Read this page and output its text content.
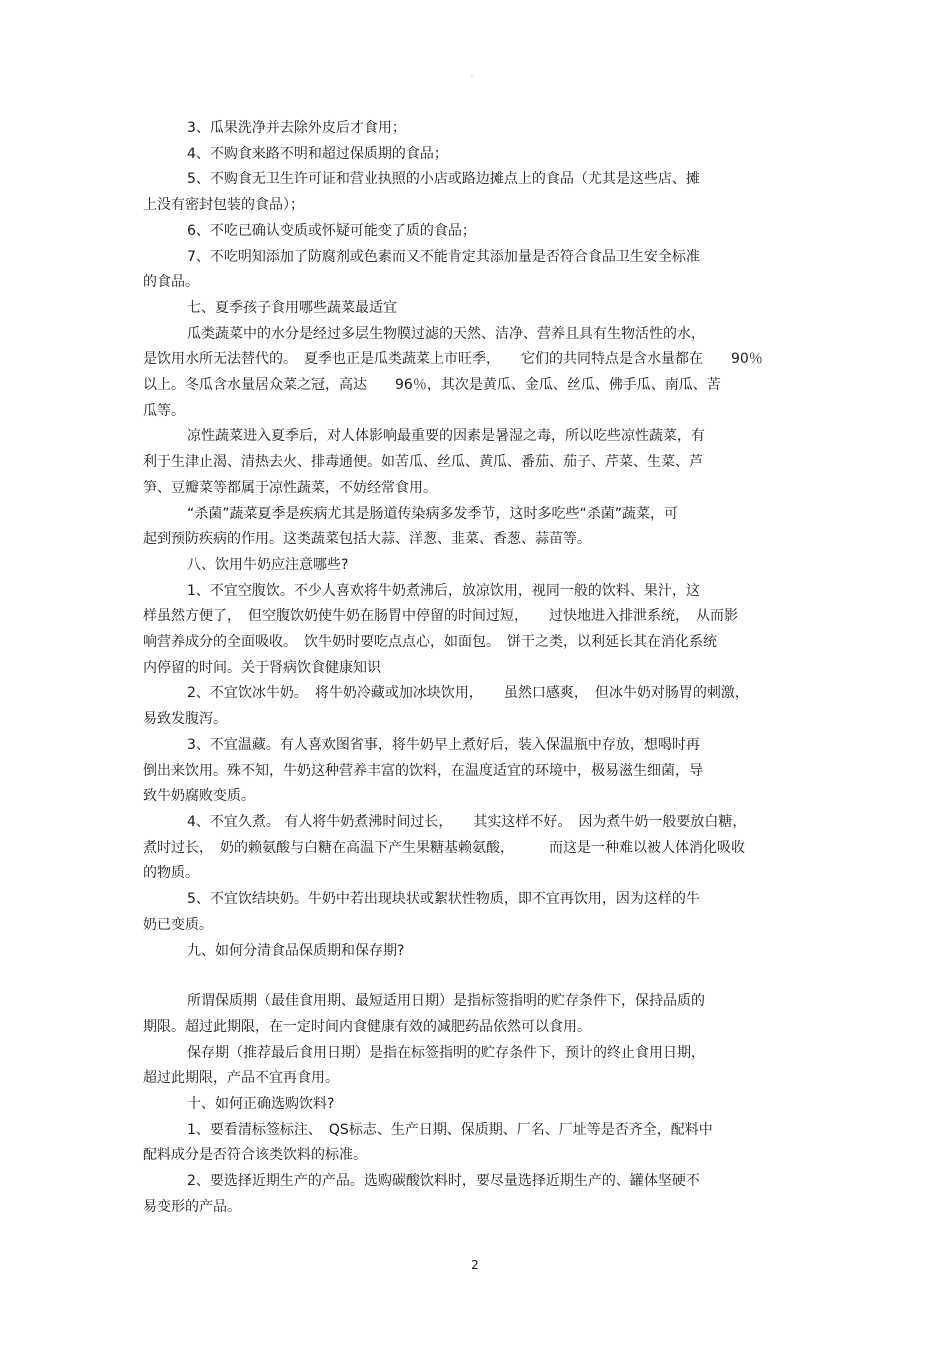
。

3、瓜果洗净并去除外皮后才食用；

4、不购食来路不明和超过保质期的食品；

5、不购食无卫生许可证和营业执照的小店或路边摊点上的食品（尤其是这些店、摊

上没有密封包装的食品）；

6、不吃已确认变质或怀疑可能变了质的食品；

7、不吃明知添加了防腐剂或色素而又不能肯定其添加量是否符合食品卫生安全标准

的食品。

七、夏季孩子食用哪些蔬菜最适宜

瓜类蔬菜中的水分是经过多层生物膜过滤的天然、洁净、营养且具有生物活性的水，

是饮用水所无法替代的。　夏季也正是瓜类蔬菜上市旺季，　　它们的共同特点是含水量都在　　90％

以上。冬瓜含水量居众菜之冠，高达　　96％，其次是黄瓜、金瓜、丝瓜、佛手瓜、南瓜、苦

瓜等。

凉性蔬菜进入夏季后，对人体影响最重要的因素是暑湿之毒，所以吃些凉性蔬菜，有

利于生津止渴、清热去火、排毒通便。如苦瓜、丝瓜、黄瓜、番茄、茄子、芹菜、生菜、芦

笋、豆瓣菜等都属于凉性蔬菜，不妨经常食用。

“杀菌”蔬菜夏季是疾病尤其是肠道传染病多发季节，这时多吃些“杀菌”蔬菜，可

起到预防疾病的作用。这类蔬菜包括大蒜、洋葱、韭菜、香葱、蒜苗等。

八、饮用牛奶应注意哪些?

1、不宜空腹饮。不少人喜欢将牛奶煮沸后，放凉饮用，视同一般的饮料、果汁，这

样虽然方便了，　但空腹饮奶使牛奶在肠胃中停留的时间过短，　　过快地进入排泄系统，　从而影

响营养成分的全面吸收。　饮牛奶时要吃点点心，如面包。　饼干之类，以利延长其在消化系统

内停留的时间。关于肾病饮食健康知识

2、不宜饮冰牛奶。　将牛奶冷藏或加冰块饮用，　　虽然口感爽，　但冰牛奶对肠胃的刺激，

易致发腹泻。

3、不宜温藏。有人喜欢图省事，将牛奶早上煮好后，装入保温瓶中存放，想喝时再

倒出来饮用。殊不知，牛奶这种营养丰富的饮料，在温度适宜的环境中，极易滋生细菌，导

致牛奶腐败变质。

4、不宜久煮。 有人将牛奶煮沸时间过长，　　其实这样不好。　因为煮牛奶一般要放白糖，

煮时过长，　奶的赖氨酸与白糖在高温下产生果糖基赖氨酸，　　　而这是一种难以被人体消化吸收

的物质。

5、不宜饮结块奶。牛奶中若出现块状或絮状性物质，即不宜再饮用，因为这样的牛

奶已变质。

九、如何分清食品保质期和保存期?

所谓保质期（最佳食用期、最短适用日期）是指标签指明的贮存条件下，保持品质的

期限。超过此期限，在一定时间内食健康有效的减肥药品依然可以食用。

保存期（推荐最后食用日期）是指在标签指明的贮存条件下，预计的终止食用日期，

超过此期限，产品不宜再食用。

十、如何正确选购饮料?

1、要看清标签标注、　QS标志、生产日期、保质期、厂名、厂址等是否齐全，配料中

配料成分是否符合该类饮料的标准。

2、要选择近期生产的产品。选购碳酸饮料时，要尽量选择近期生产的、罐体坚硬不

易变形的产品。

2
